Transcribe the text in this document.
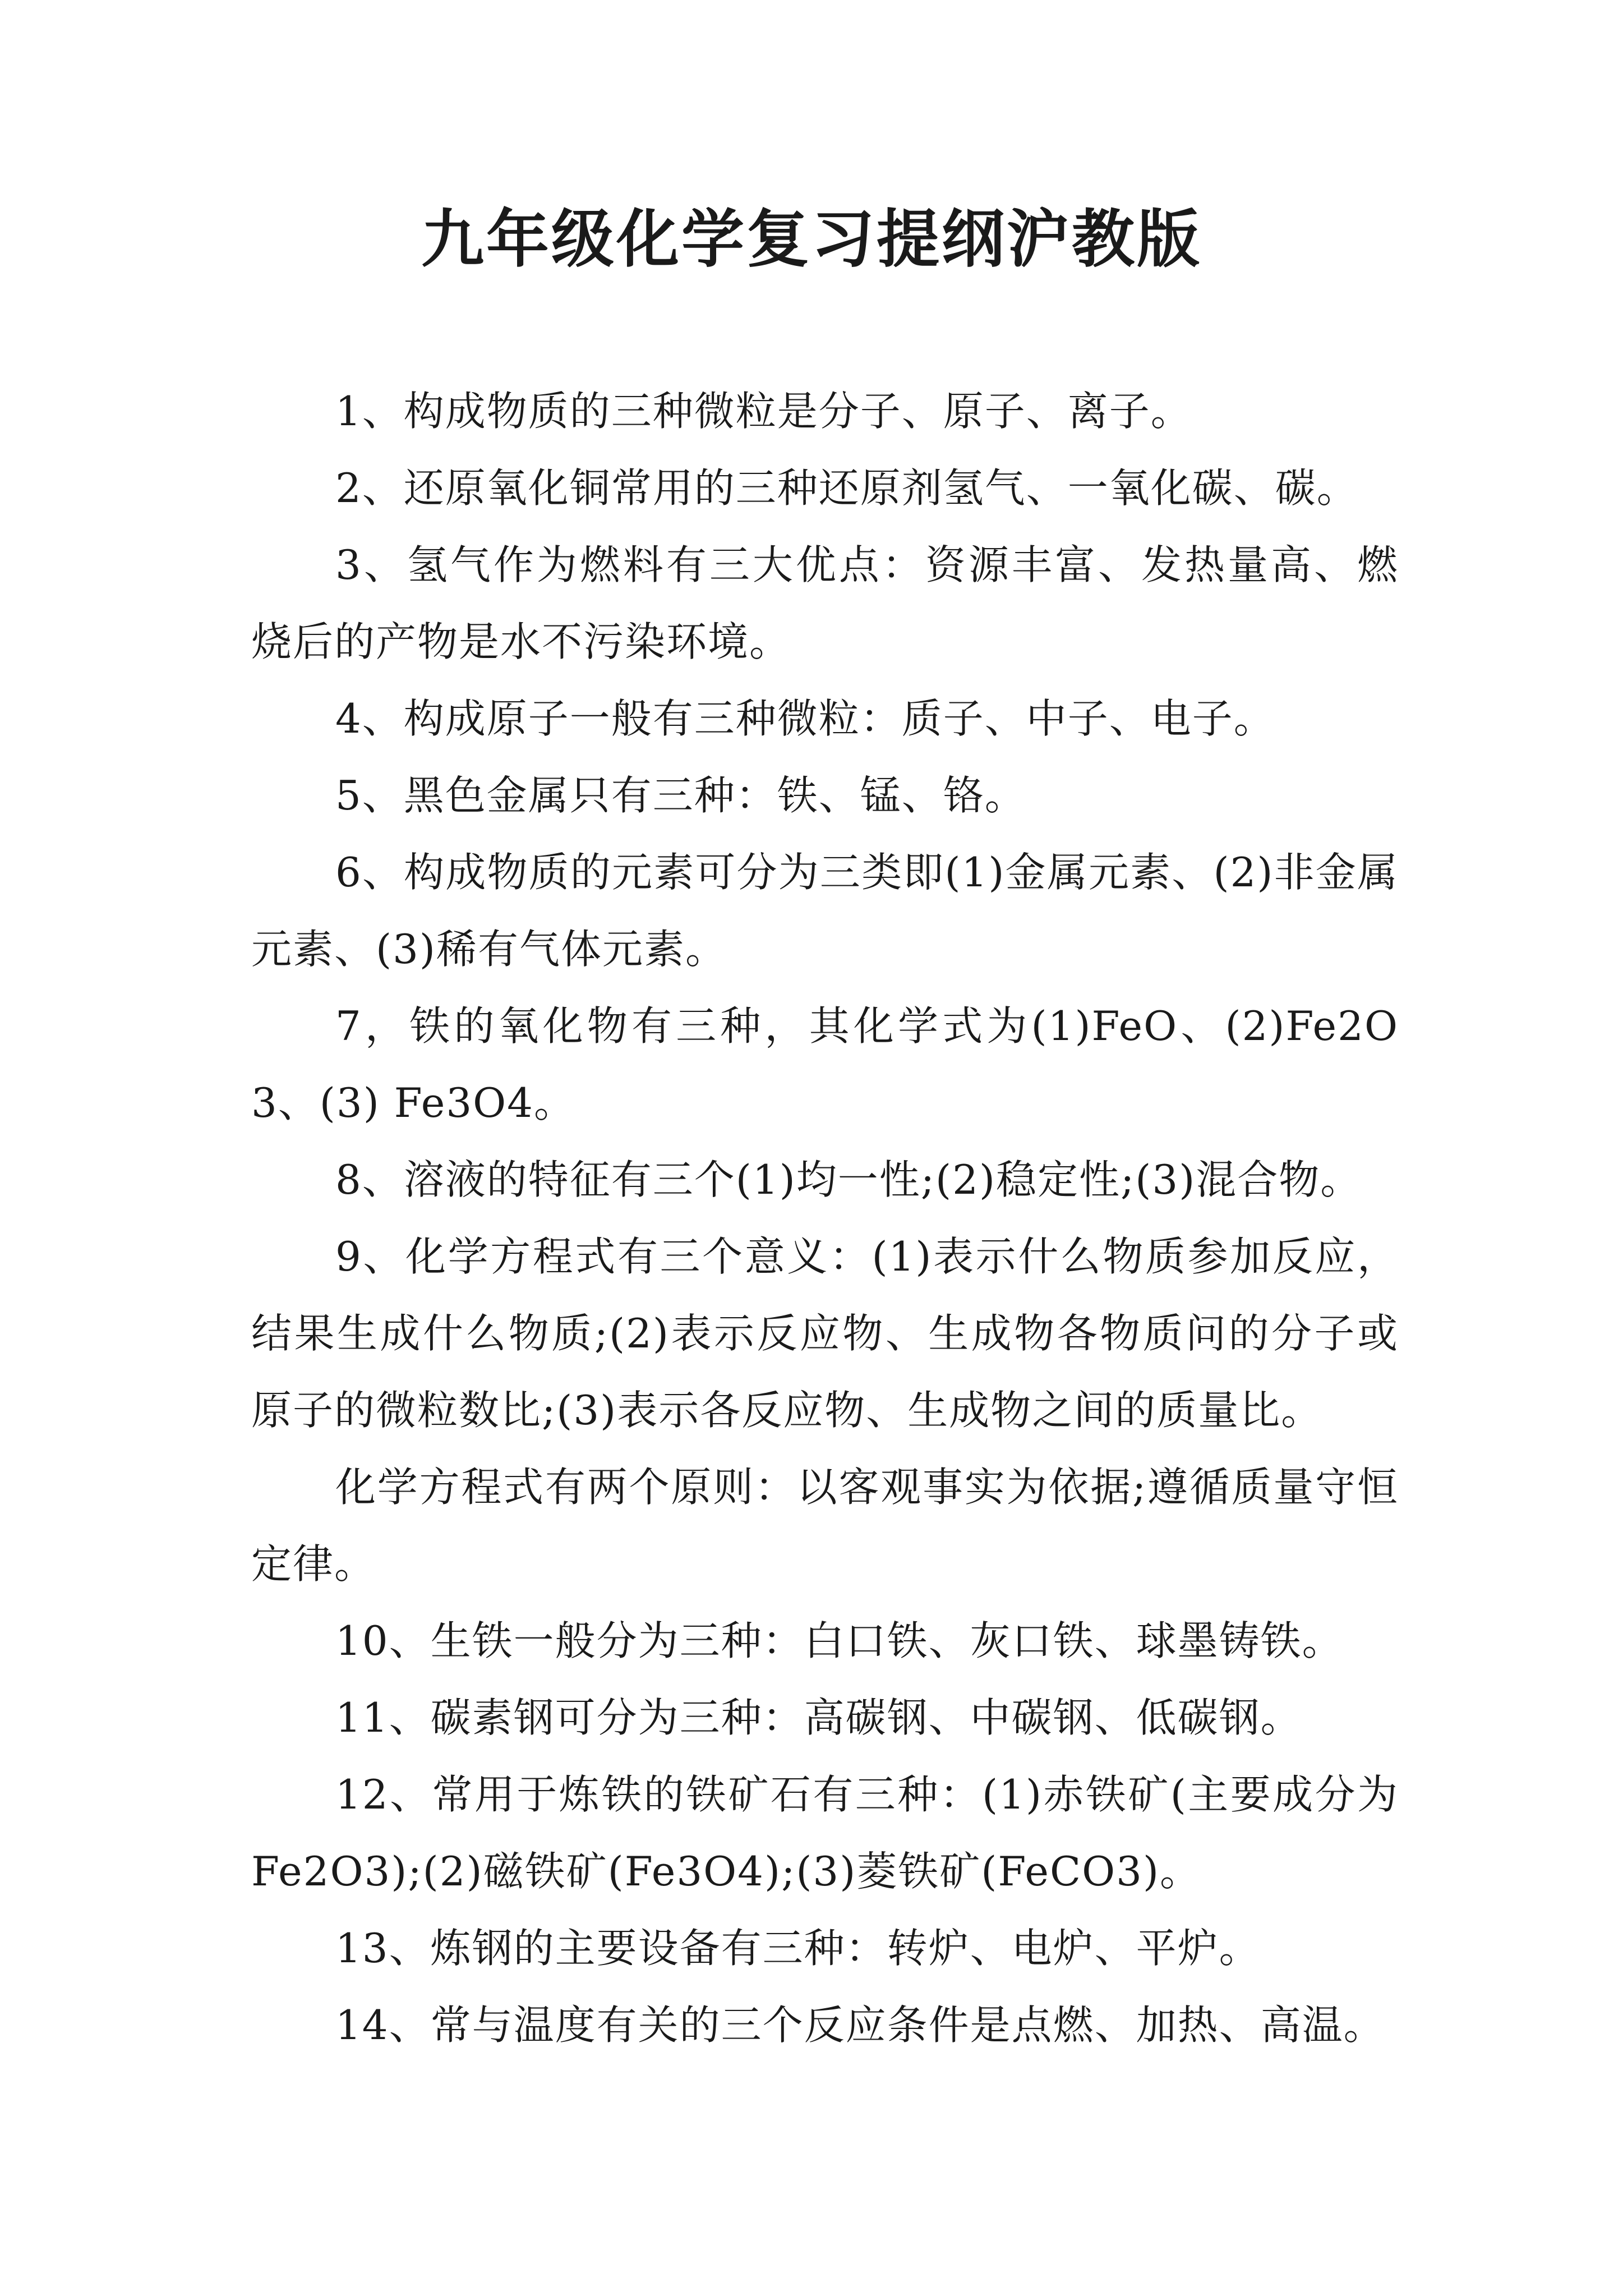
九年级化学复习提纲沪教版

1、构成物质的三种微粒是分子、原子、离子。

2、还原氧化铜常用的三种还原剂氢气、一氧化碳、碳。

3、氢气作为燃料有三大优点：资源丰富、发热量高、燃烧后的产物是水不污染环境。

4、构成原子一般有三种微粒：质子、中子、电子。

5、黑色金属只有三种：铁、锰、铬。

6、构成物质的元素可分为三类即(1)金属元素、(2)非金属元素、(3)稀有气体元素。

7，铁的氧化物有三种，其化学式为(1)FeO、(2)Fe2O3、(3) Fe3O4。

8、溶液的特征有三个(1)均一性;(2)稳定性;(3)混合物。

9、化学方程式有三个意义：(1)表示什么物质参加反应，结果生成什么物质;(2)表示反应物、生成物各物质问的分子或原子的微粒数比;(3)表示各反应物、生成物之间的质量比。

化学方程式有两个原则：以客观事实为依据;遵循质量守恒定律。

10、生铁一般分为三种：白口铁、灰口铁、球墨铸铁。

11、碳素钢可分为三种：高碳钢、中碳钢、低碳钢。

12、常用于炼铁的铁矿石有三种：(1)赤铁矿(主要成分为Fe2O3);(2)磁铁矿(Fe3O4);(3)菱铁矿(FeCO3)。

13、炼钢的主要设备有三种：转炉、电炉、平炉。

14、常与温度有关的三个反应条件是点燃、加热、高温。
